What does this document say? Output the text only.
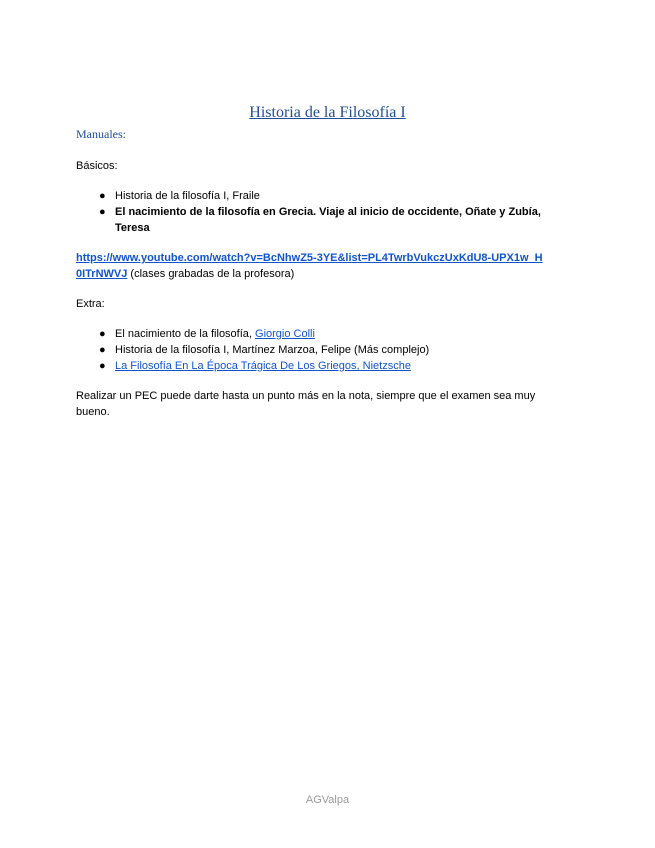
Historia de la Filosofía I
Manuales:
Básicos:
● Historia de la filosofía I, Fraile
● El nacimiento de la filosofía en Grecia. Viaje al inicio de occidente, Oñate y Zubía,
Teresa
https://www.youtube.com/watch?v=BcNhwZ5-3YE&list=PL4TwrbVukczUxKdU8-UPX1w_H
0ITrNWVJ (clases grabadas de la profesora)
Extra:
● El nacimiento de la filosofía, Giorgio Colli
● Historia de la filosofía I, Martínez Marzoa, Felipe (Más complejo)
● La Filosofía En La Época Trágica De Los Griegos, Nietzsche
Realizar un PEC puede darte hasta un punto más en la nota, siempre que el examen sea muy
bueno.
AGValpa
